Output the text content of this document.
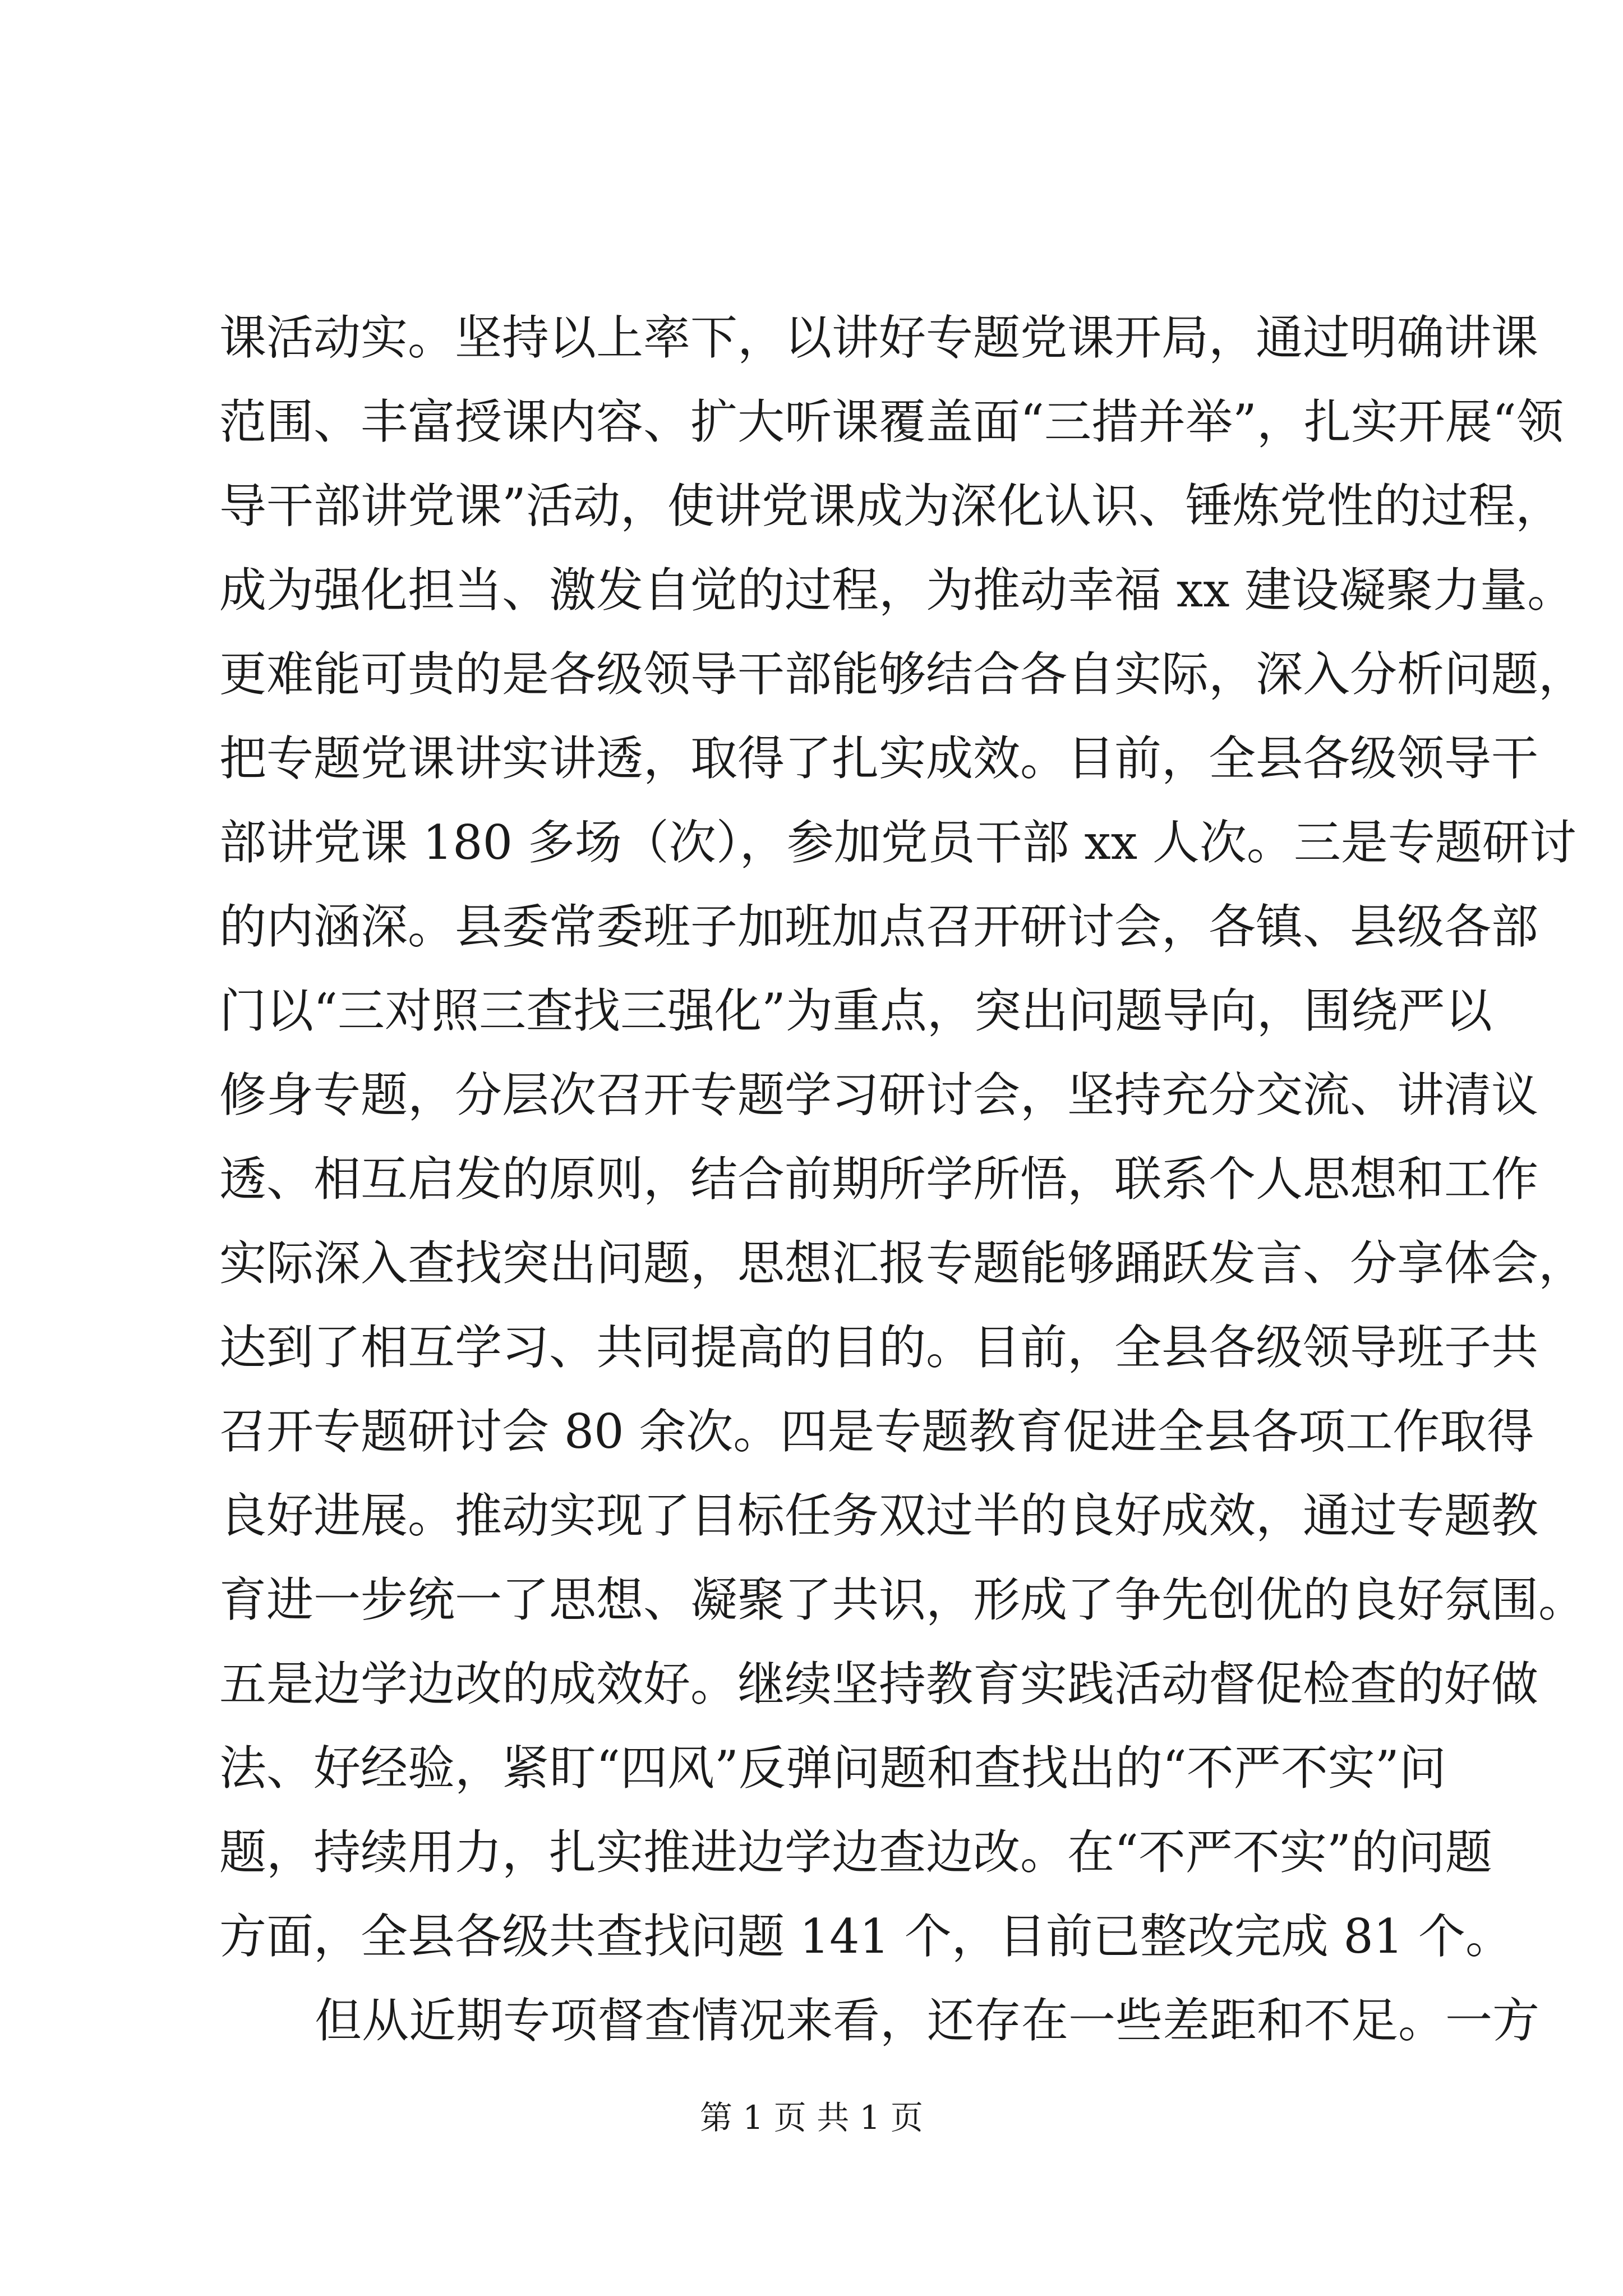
课活动实。坚持以上率下，以讲好专题党课开局，通过明确讲课
范围、丰富授课内容、扩大听课覆盖面“三措并举”，扎实开展“领
导干部讲党课”活动，使讲党课成为深化认识、锤炼党性的过程，
成为强化担当、激发自觉的过程，为推动幸福 xx 建设凝聚力量。
更难能可贵的是各级领导干部能够结合各自实际，深入分析问题，
把专题党课讲实讲透，取得了扎实成效。目前，全县各级领导干
部讲党课 180 多场（次），参加党员干部 xx 人次。三是专题研讨
的内涵深。县委常委班子加班加点召开研讨会，各镇、县级各部
门以“三对照三查找三强化”为重点，突出问题导向，围绕严以
修身专题，分层次召开专题学习研讨会，坚持充分交流、讲清议
透、相互启发的原则，结合前期所学所悟，联系个人思想和工作
实际深入查找突出问题，思想汇报专题能够踊跃发言、分享体会，
达到了相互学习、共同提高的目的。目前，全县各级领导班子共
召开专题研讨会 80 余次。四是专题教育促进全县各项工作取得
良好进展。推动实现了目标任务双过半的良好成效，通过专题教
育进一步统一了思想、凝聚了共识，形成了争先创优的良好氛围。
五是边学边改的成效好。继续坚持教育实践活动督促检查的好做
法、好经验，紧盯“四风”反弹问题和查找出的“不严不实”问
题，持续用力，扎实推进边学边查边改。在“不严不实”的问题
方面，全县各级共查找问题 141 个，目前已整改完成 81 个。
但从近期专项督查情况来看，还存在一些差距和不足。一方
第 1 页 共 1 页
